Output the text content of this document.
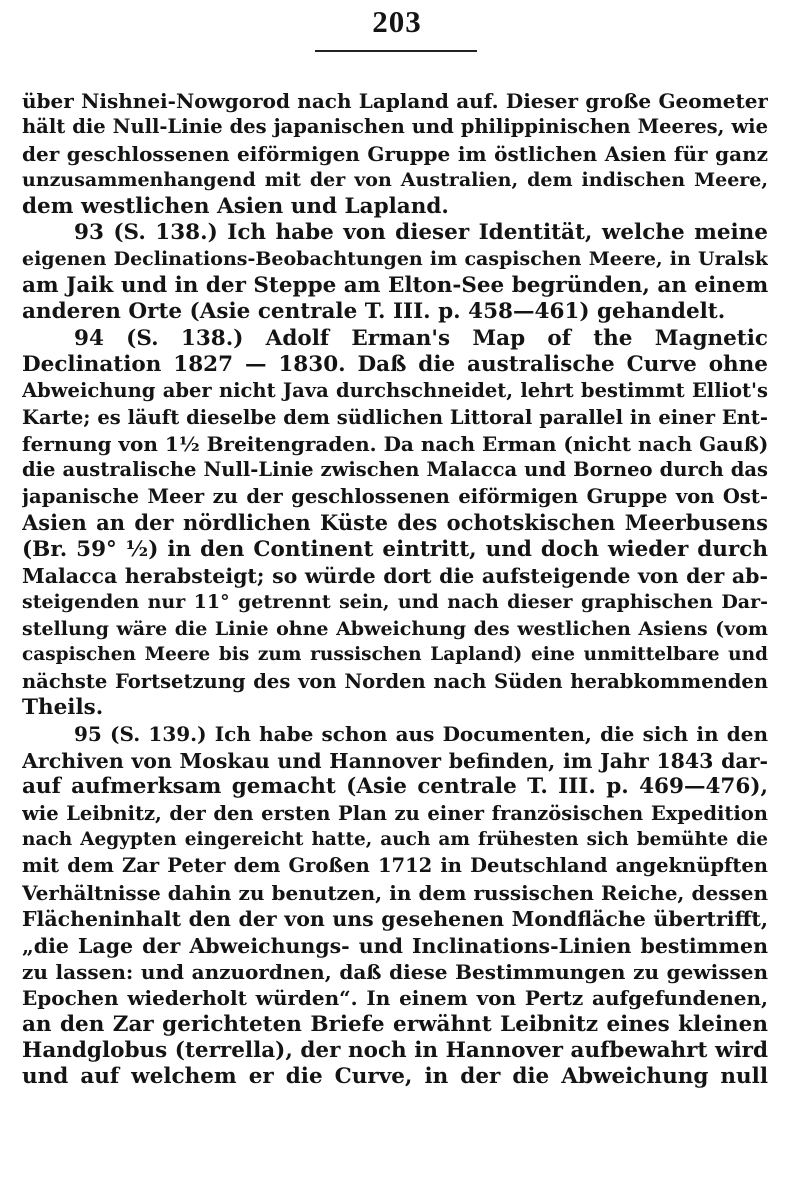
203
über Nishnei-Nowgorod nach Lapland auf. Dieser große Geometer
hält die Null-Linie des japanischen und philippinischen Meeres, wie
der geschlossenen eiförmigen Gruppe im östlichen Asien für ganz
unzusammenhangend mit der von Australien, dem indischen Meere,
dem westlichen Asien und Lapland.
93 (S. 138.) Ich habe von dieser Identität, welche meine
eigenen Declinations-Beobachtungen im caspischen Meere, in Uralsk
am Jaik und in der Steppe am Elton-See begründen, an einem
anderen Orte (Asie centrale T. III. p. 458—461) gehandelt.
94 (S. 138.) Adolf Erman's Map of the Magnetic
Declination 1827 — 1830. Daß die australische Curve ohne
Abweichung aber nicht Java durchschneidet, lehrt bestimmt Elliot's
Karte; es läuft dieselbe dem südlichen Littoral parallel in einer Ent-
fernung von 1½ Breitengraden. Da nach Erman (nicht nach Gauß)
die australische Null-Linie zwischen Malacca und Borneo durch das
japanische Meer zu der geschlossenen eiförmigen Gruppe von Ost-
Asien an der nördlichen Küste des ochotskischen Meerbusens
(Br. 59° ½) in den Continent eintritt, und doch wieder durch
Malacca herabsteigt; so würde dort die aufsteigende von der ab-
steigenden nur 11° getrennt sein, und nach dieser graphischen Dar-
stellung wäre die Linie ohne Abweichung des westlichen Asiens (vom
caspischen Meere bis zum russischen Lapland) eine unmittelbare und
nächste Fortsetzung des von Norden nach Süden herabkommenden
Theils.
95 (S. 139.) Ich habe schon aus Documenten, die sich in den
Archiven von Moskau und Hannover befinden, im Jahr 1843 dar-
auf aufmerksam gemacht (Asie centrale T. III. p. 469—476),
wie Leibnitz, der den ersten Plan zu einer französischen Expedition
nach Aegypten eingereicht hatte, auch am frühesten sich bemühte die
mit dem Zar Peter dem Großen 1712 in Deutschland angeknüpften
Verhältnisse dahin zu benutzen, in dem russischen Reiche, dessen
Flächeninhalt den der von uns gesehenen Mondfläche übertrifft,
„die Lage der Abweichungs- und Inclinations-Linien bestimmen
zu lassen: und anzuordnen, daß diese Bestimmungen zu gewissen
Epochen wiederholt würden“. In einem von Pertz aufgefundenen,
an den Zar gerichteten Briefe erwähnt Leibnitz eines kleinen
Handglobus (terrella), der noch in Hannover aufbewahrt wird
und auf welchem er die Curve, in der die Abweichung null
